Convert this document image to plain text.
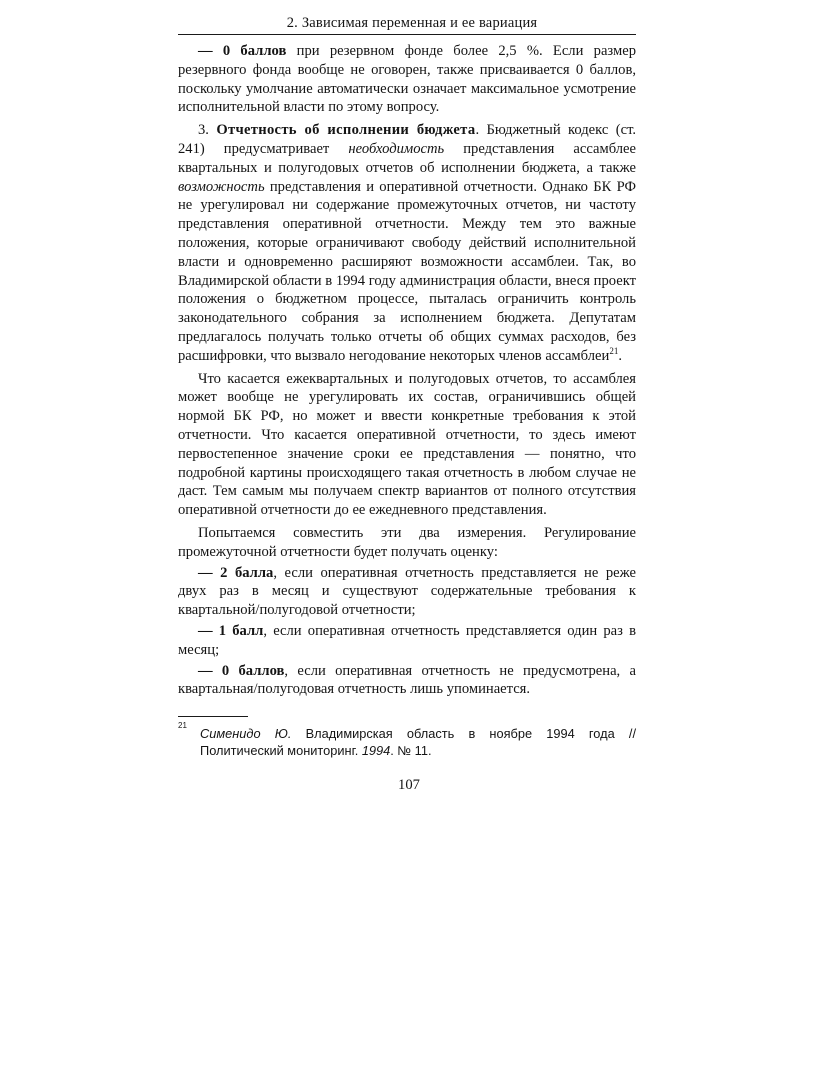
2. Зависимая переменная и ее вариация

— 0 баллов при резервном фонде более 2,5 %. Если размер резервного фонда вообще не оговорен, также присваивается 0 баллов, поскольку умолчание автоматически означает максимальное усмотрение исполнительной власти по этому вопросу.

3. Отчетность об исполнении бюджета. Бюджетный кодекс (ст. 241) предусматривает необходимость представления ассамблее квартальных и полугодовых отчетов об исполнении бюджета, а также возможность представления и оперативной отчетности. Однако БК РФ не урегулировал ни содержание промежуточных отчетов, ни частоту представления оперативной отчетности. Между тем это важные положения, которые ограничивают свободу действий исполнительной власти и одновременно расширяют возможности ассамблеи. Так, во Владимирской области в 1994 году администрация области, внеся проект положения о бюджетном процессе, пыталась ограничить контроль законодательного собрания за исполнением бюджета. Депутатам предлагалось получать только отчеты об общих суммах расходов, без расшифровки, что вызвало негодование некоторых членов ассамблеи$^{21}$.

Что касается ежеквартальных и полугодовых отчетов, то ассамблея может вообще не урегулировать их состав, ограничившись общей нормой БК РФ, но может и ввести конкретные требования к этой отчетности. Что касается оперативной отчетности, то здесь имеют первостепенное значение сроки ее представления — понятно, что подробной картины происходящего такая отчетность в любом случае не даст. Тем самым мы получаем спектр вариантов от полного отсутствия оперативной отчетности до ее ежедневного представления.

Попытаемся совместить эти два измерения. Регулирование промежуточной отчетности будет получать оценку:

— 2 балла, если оперативная отчетность представляется не реже двух раз в месяц и существуют содержательные требования к квартальной/полугодовой отчетности;

— 1 балл, если оперативная отчетность представляется один раз в месяц;

— 0 баллов, если оперативная отчетность не предусмотрена, а квартальная/полугодовая отчетность лишь упоминается.

21
Сименидо Ю. Владимирская область в ноябре 1994 года // Политический мониторинг. 1994. № 11.
107
